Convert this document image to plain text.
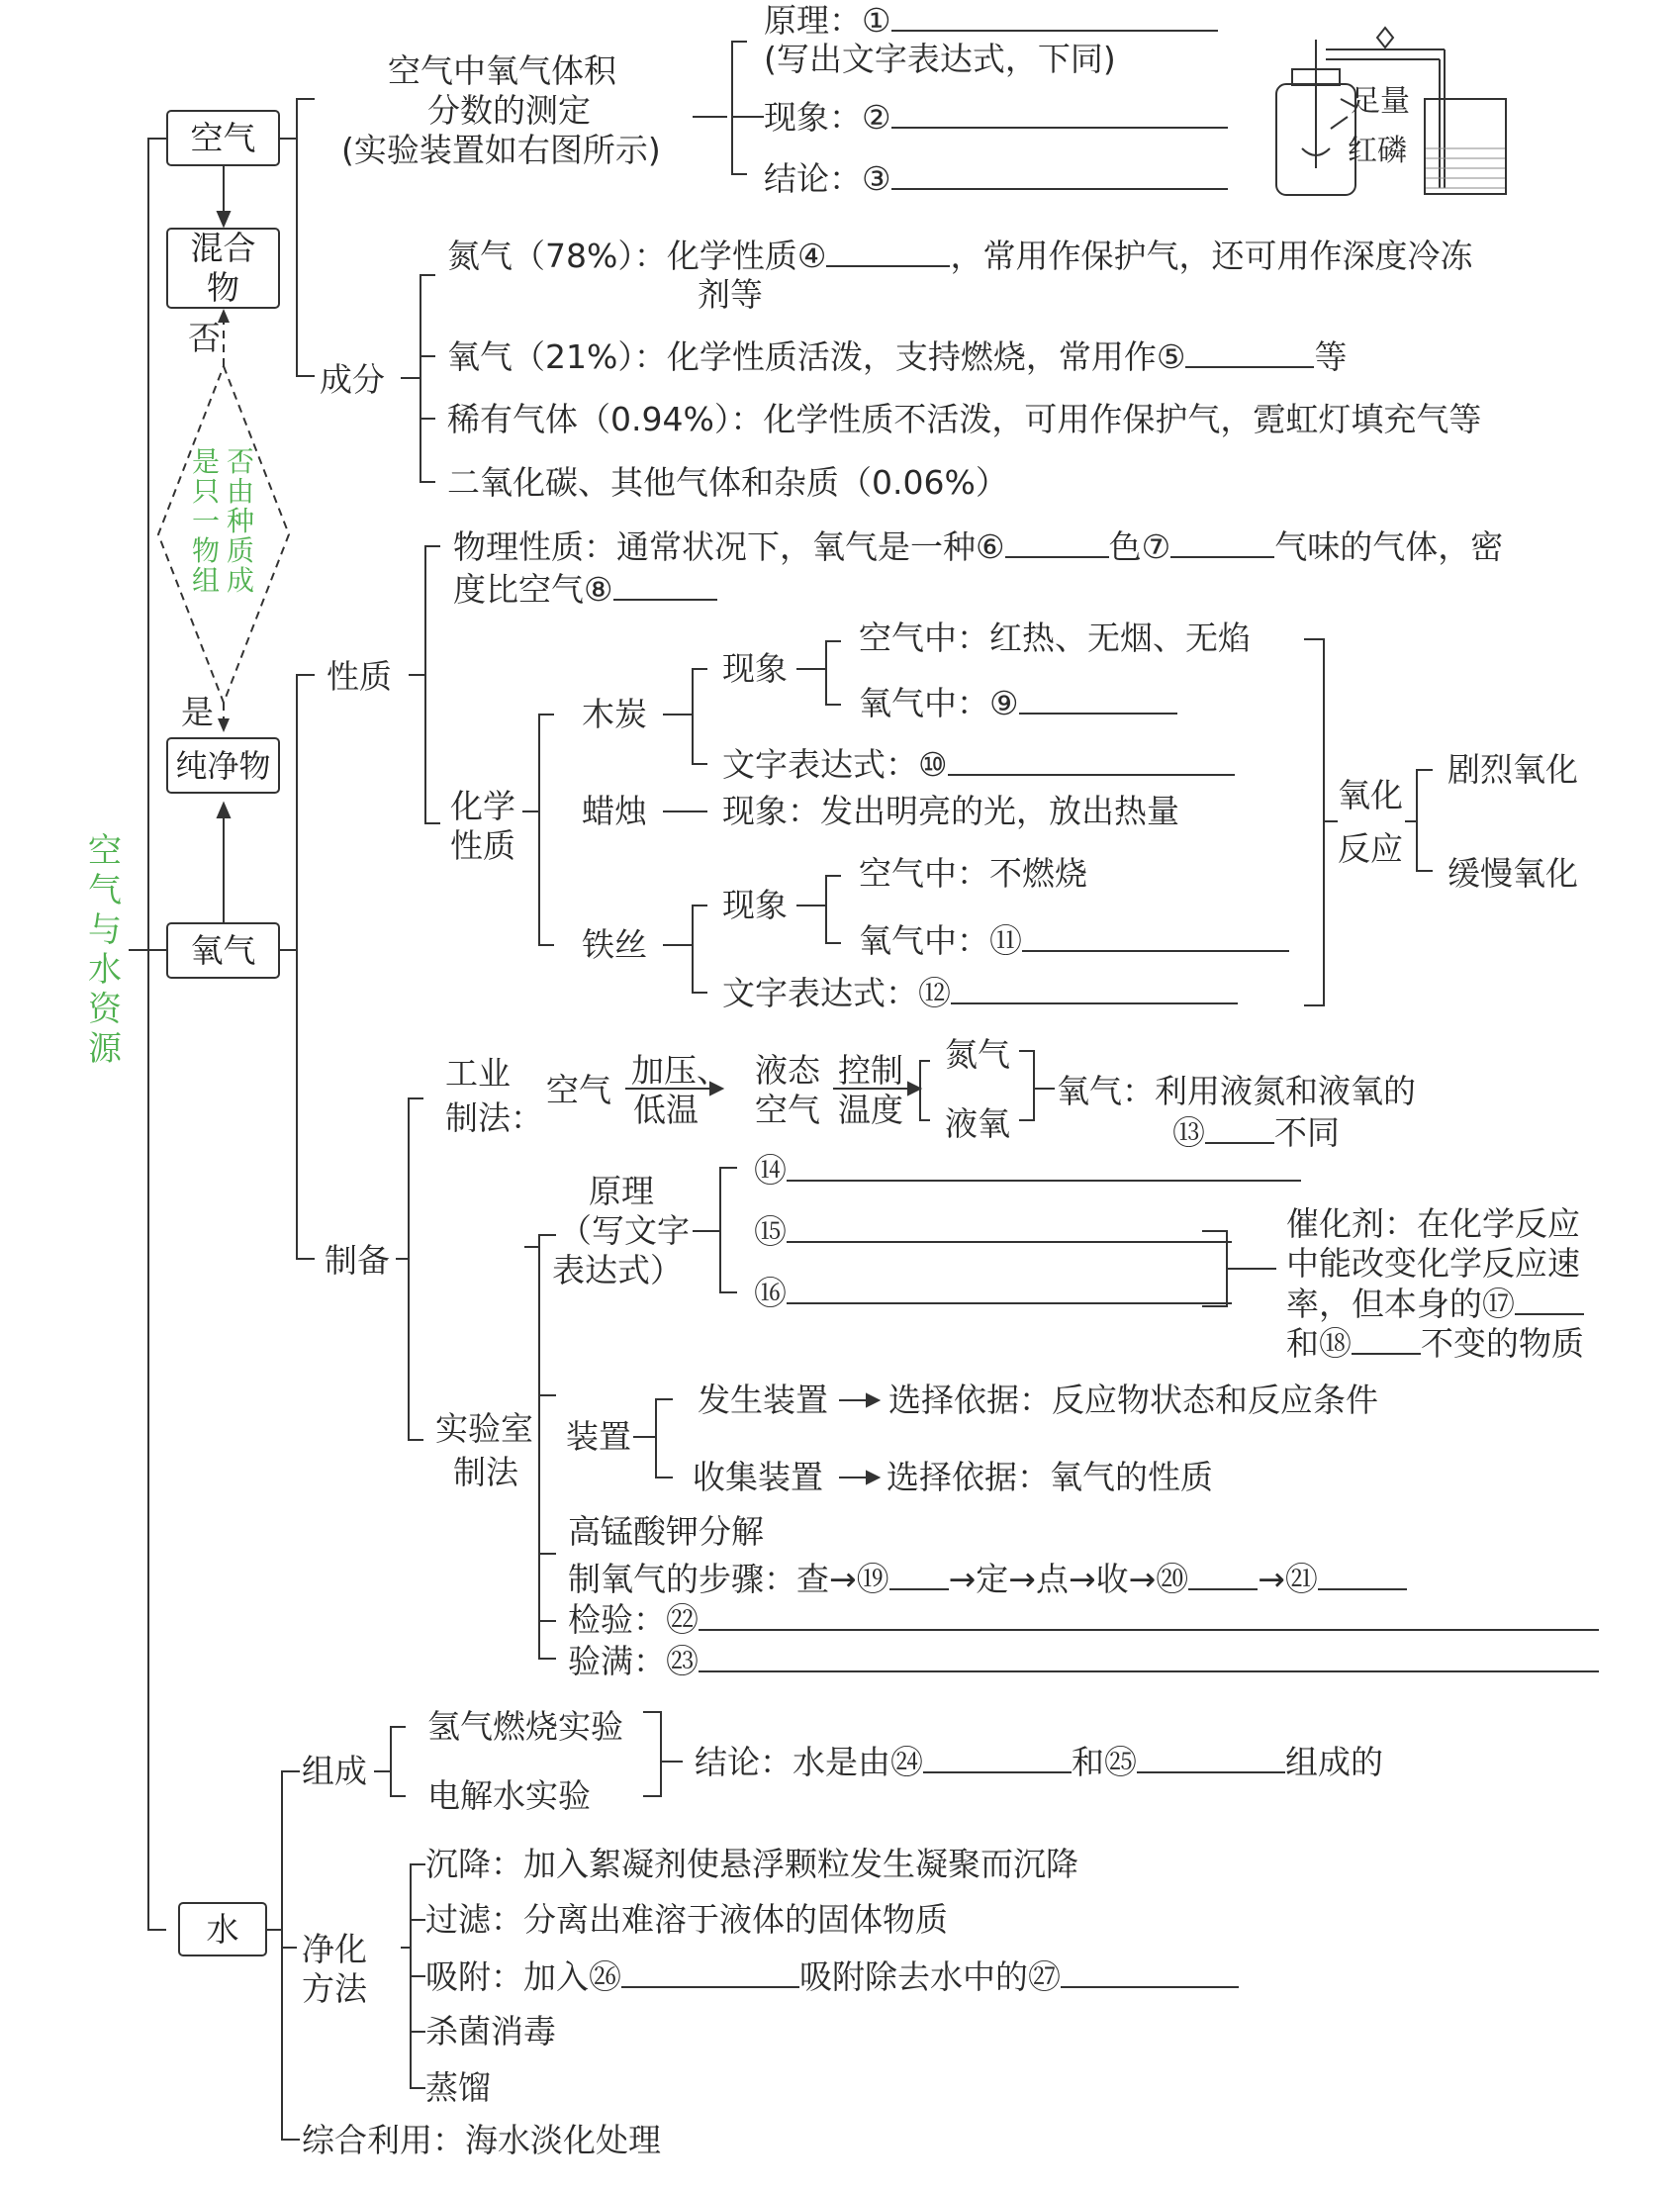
空气与水资源
空气
混合物
纯净物
氧气
水
否
是只一物组
否由种质成
是
空气中氧气体积
分数的测定
(实验装置如右图所示)
原理：①
(写出文字表达式，下同)
现象：②
结论：③
足量
红磷
成分
氮气（78%）：化学性质④	，常用作保护气，还可用作深度冷冻
剂等
氧气（21%）：化学性质活泼，支持燃烧，常用作⑤	等
稀有气体（0.94%）：化学性质不活泼，可用作保护气，霓虹灯填充气等
二氧化碳、其他气体和杂质（0.06%）
性质
物理性质：通常状况下，氧气是一种⑥	色⑦	气味的气体，密
度比空气⑧
化学
性质
木炭
现象
空气中：红热、无烟、无焰
氧气中：⑨
文字表达式：⑩
蜡烛 现象：发出明亮的光，放出热量
铁丝
现象
空气中：不燃烧
氧气中：⑪
文字表达式：⑫
氧化
反应
剧烈氧化
缓慢氧化
制备
工业
制法：
空气
加压、
低温
液态
空气
控制
温度
氮气
液氧
氧气：利用液氮和液氧的
⑬ 不同
实验室
制法
原理
（写文字
表达式）
⑭
⑮
⑯
催化剂：在化学反应
中能改变化学反应速
率，但本身的⑰
和⑱ 不变的物质
装置
发生装置 选择依据：反应物状态和反应条件
收集装置 选择依据：氧气的性质
高锰酸钾分解
制氧气的步骤：查→⑲ →定→点→收→⑳ →㉑
检验：㉒
验满：㉓
组成
氢气燃烧实验
电解水实验
结论：水是由㉔	和㉕	组成的
净化
方法
沉降：加入絮凝剂使悬浮颗粒发生凝聚而沉降
过滤：分离出难溶于液体的固体物质
吸附：加入㉖	吸附除去水中的㉗
杀菌消毒
蒸馏
综合利用：海水淡化处理
